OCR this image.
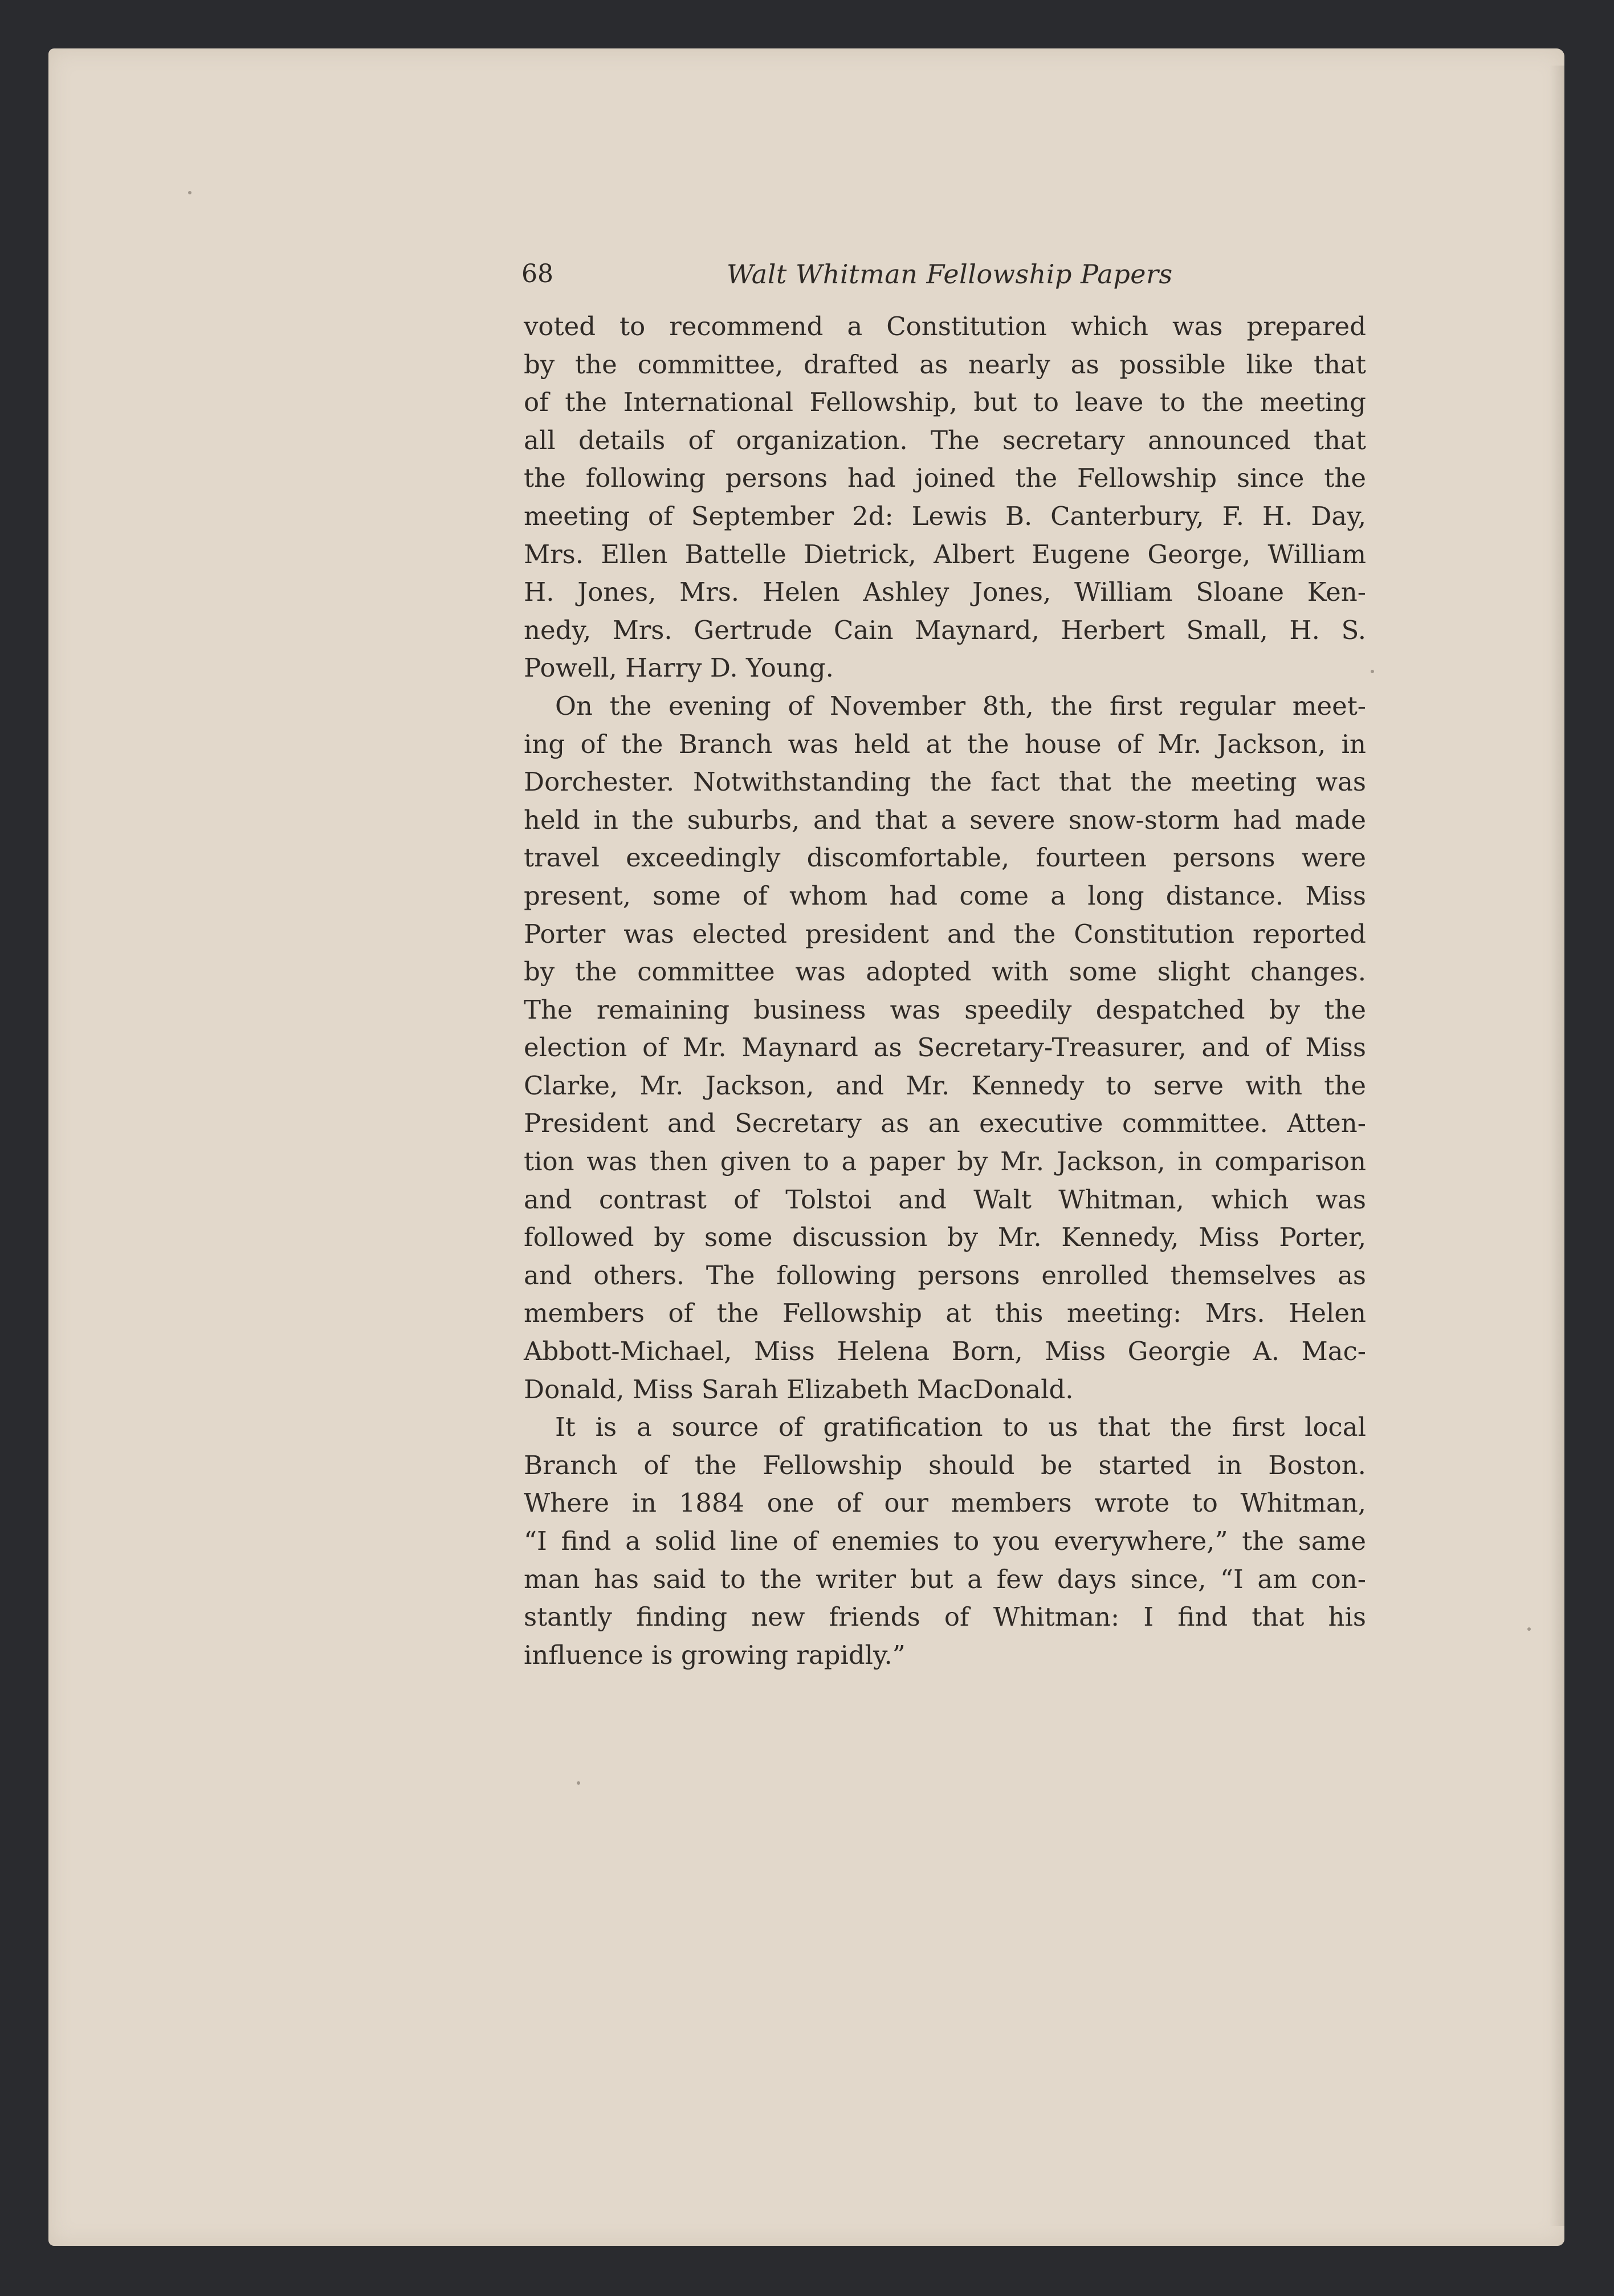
68	Walt Whitman Fellowship Papers
voted to recommend a Constitution which was prepared
by the committee, drafted as nearly as possible like that
of the International Fellowship, but to leave to the meeting
all details of organization. The secretary announced that
the following persons had joined the Fellowship since the
meeting of September 2d: Lewis B. Canterbury, F. H. Day,
Mrs. Ellen Battelle Dietrick, Albert Eugene George, William
H. Jones, Mrs. Helen Ashley Jones, William Sloane Ken-
nedy, Mrs. Gertrude Cain Maynard, Herbert Small, H. S.
Powell, Harry D. Young.
On the evening of November 8th, the first regular meet-
ing of the Branch was held at the house of Mr. Jackson, in
Dorchester. Notwithstanding the fact that the meeting was
held in the suburbs, and that a severe snow-storm had made
travel exceedingly discomfortable, fourteen persons were
present, some of whom had come a long distance. Miss
Porter was elected president and the Constitution reported
by the committee was adopted with some slight changes.
The remaining business was speedily despatched by the
election of Mr. Maynard as Secretary-Treasurer, and of Miss
Clarke, Mr. Jackson, and Mr. Kennedy to serve with the
President and Secretary as an executive committee. Atten-
tion was then given to a paper by Mr. Jackson, in comparison
and contrast of Tolstoi and Walt Whitman, which was
followed by some discussion by Mr. Kennedy, Miss Porter,
and others. The following persons enrolled themselves as
members of the Fellowship at this meeting: Mrs. Helen
Abbott-Michael, Miss Helena Born, Miss Georgie A. Mac-
Donald, Miss Sarah Elizabeth MacDonald.
It is a source of gratification to us that the first local
Branch of the Fellowship should be started in Boston.
Where in 1884 one of our members wrote to Whitman,
“I find a solid line of enemies to you everywhere,” the same
man has said to the writer but a few days since, “I am con-
stantly finding new friends of Whitman: I find that his
influence is growing rapidly.”
